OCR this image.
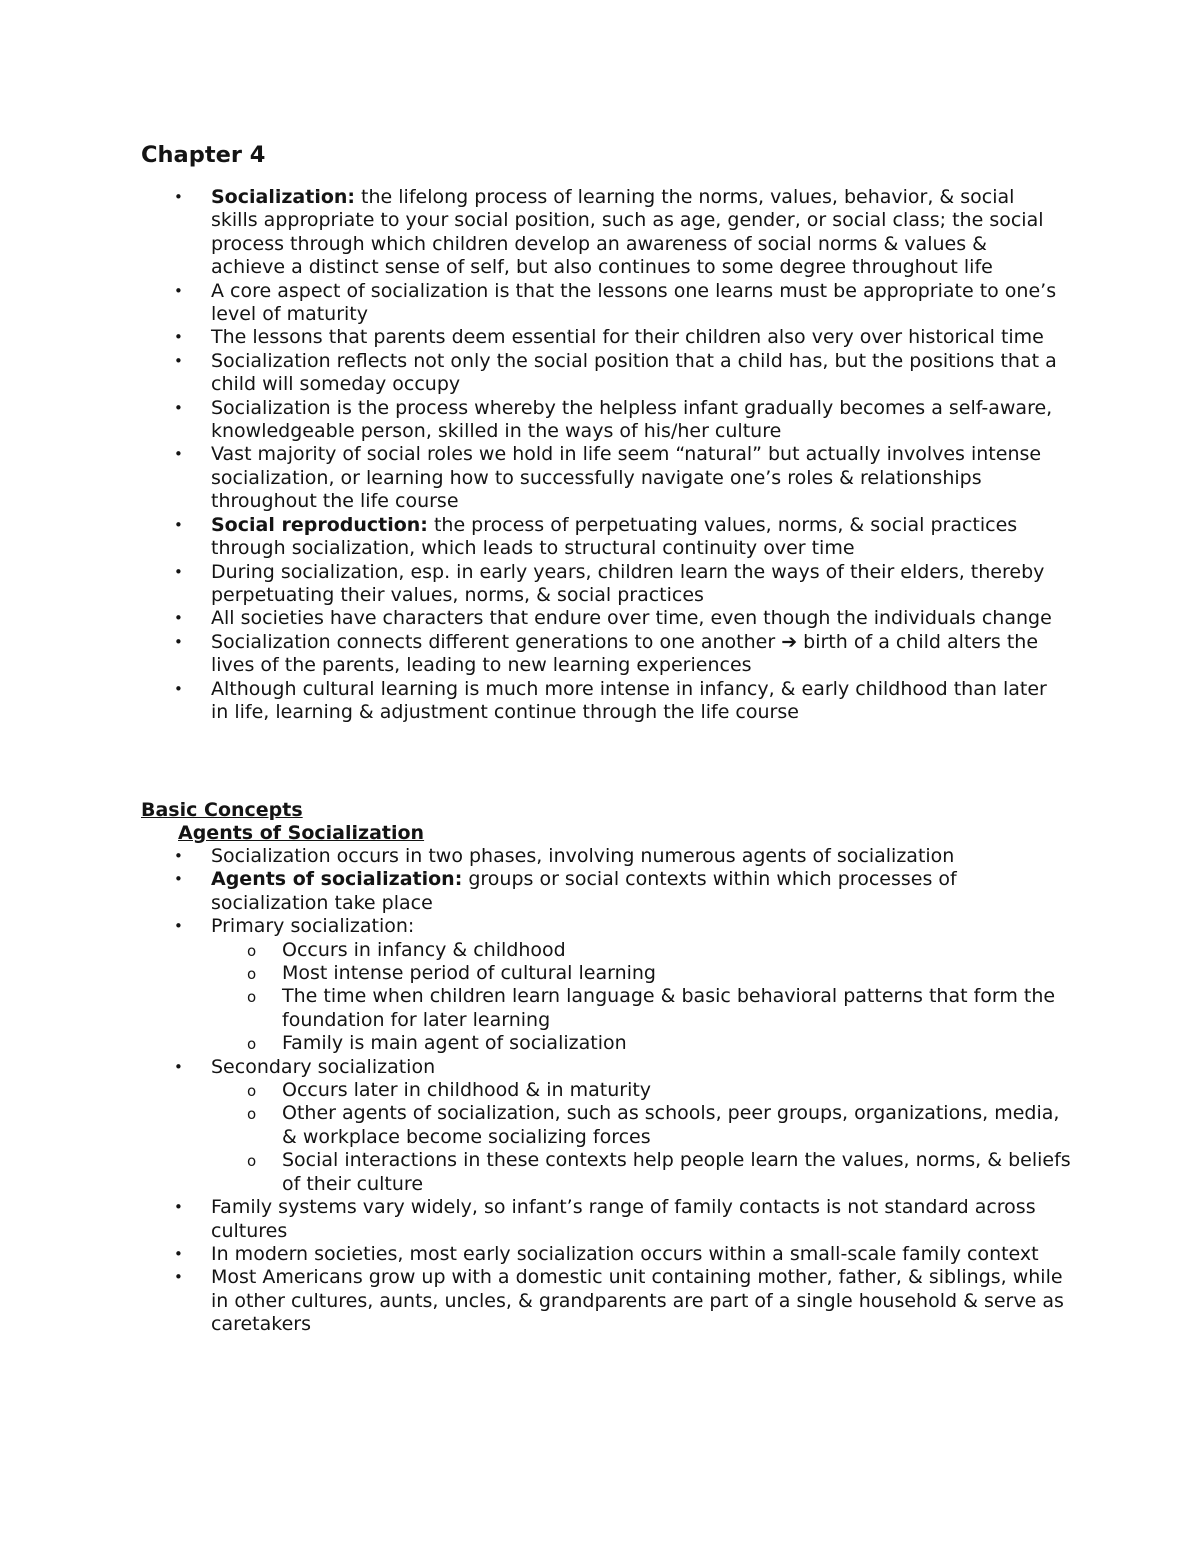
Chapter 4
• Socialization: the lifelong process of learning the norms, values, behavior, & social skills appropriate to your social position, such as age, gender, or social class; the social process through which children develop an awareness of social norms & values & achieve a distinct sense of self, but also continues to some degree throughout life
• A core aspect of socialization is that the lessons one learns must be appropriate to one’s level of maturity
• The lessons that parents deem essential for their children also very over historical time
• Socialization reflects not only the social position that a child has, but the positions that a child will someday occupy
• Socialization is the process whereby the helpless infant gradually becomes a self-aware, knowledgeable person, skilled in the ways of his/her culture
• Vast majority of social roles we hold in life seem “natural” but actually involves intense socialization, or learning how to successfully navigate one’s roles & relationships throughout the life course
• Social reproduction: the process of perpetuating values, norms, & social practices through socialization, which leads to structural continuity over time
• During socialization, esp. in early years, children learn the ways of their elders, thereby perpetuating their values, norms, & social practices
• All societies have characters that endure over time, even though the individuals change
• Socialization connects different generations to one another ➔ birth of a child alters the lives of the parents, leading to new learning experiences
• Although cultural learning is much more intense in infancy, & early childhood than later in life, learning & adjustment continue through the life course
Basic Concepts
Agents of Socialization
• Socialization occurs in two phases, involving numerous agents of socialization
• Agents of socialization: groups or social contexts within which processes of socialization take place
• Primary socialization:
o Occurs in infancy & childhood
o Most intense period of cultural learning
o The time when children learn language & basic behavioral patterns that form the foundation for later learning
o Family is main agent of socialization
• Secondary socialization
o Occurs later in childhood & in maturity
o Other agents of socialization, such as schools, peer groups, organizations, media, & workplace become socializing forces
o Social interactions in these contexts help people learn the values, norms, & beliefs of their culture
• Family systems vary widely, so infant’s range of family contacts is not standard across cultures
• In modern societies, most early socialization occurs within a small-scale family context
• Most Americans grow up with a domestic unit containing mother, father, & siblings, while in other cultures, aunts, uncles, & grandparents are part of a single household & serve as caretakers
